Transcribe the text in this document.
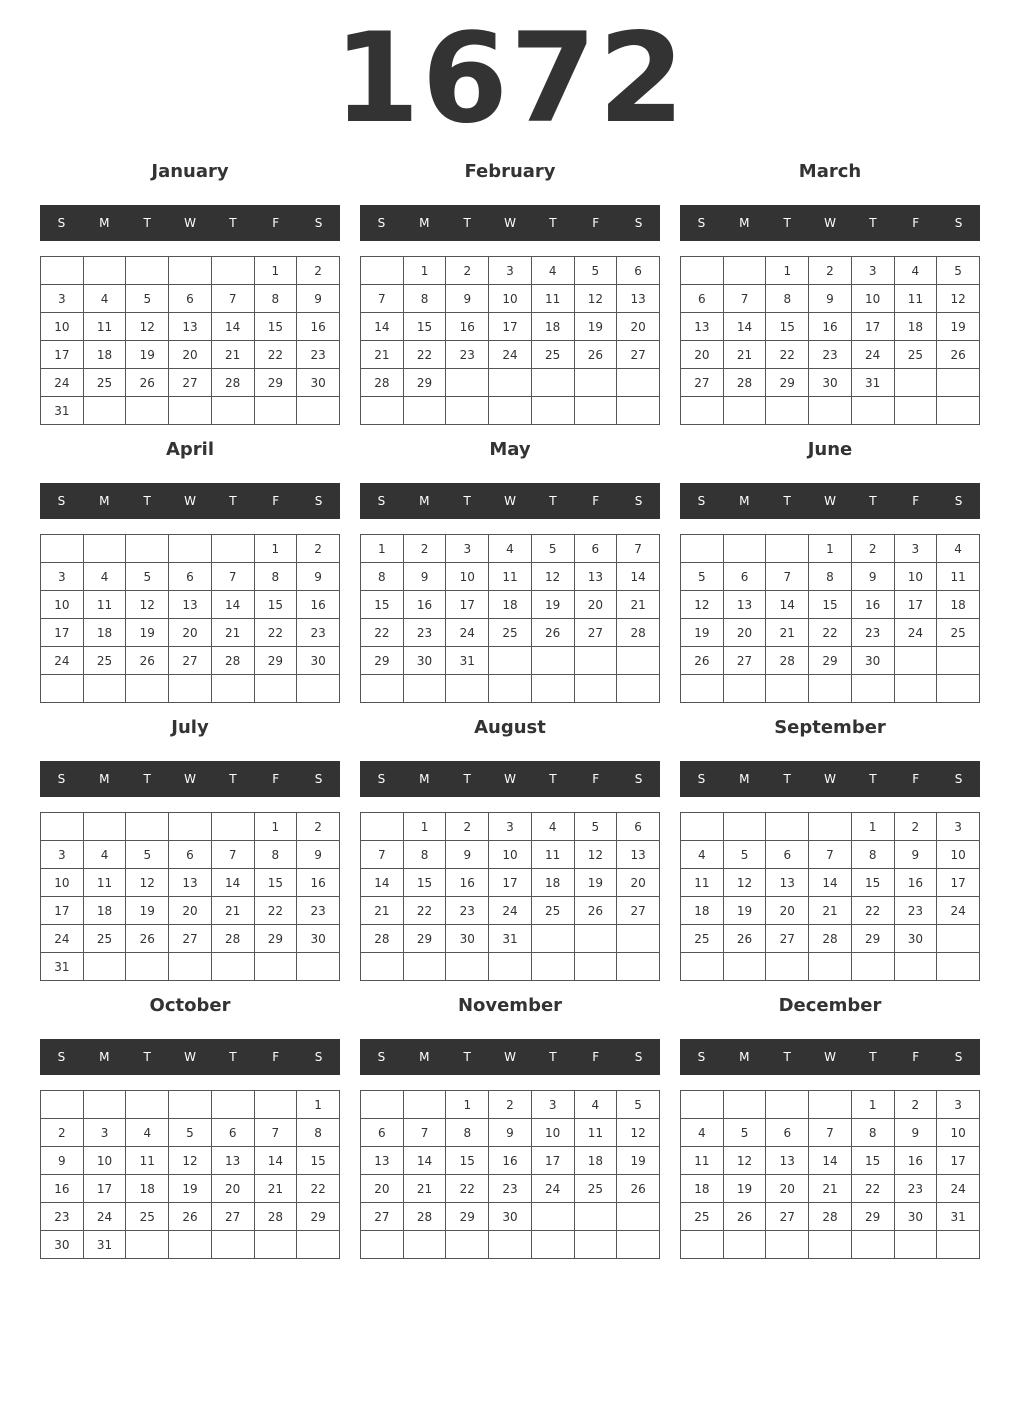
1672
January
S	M	T	W	T	F	S
					1	2
3	4	5	6	7	8	9
10	11	12	13	14	15	16
17	18	19	20	21	22	23
24	25	26	27	28	29	30
31						
February
S	M	T	W	T	F	S
	1	2	3	4	5	6
7	8	9	10	11	12	13
14	15	16	17	18	19	20
21	22	23	24	25	26	27
28	29					

March
S	M	T	W	T	F	S
		1	2	3	4	5
6	7	8	9	10	11	12
13	14	15	16	17	18	19
20	21	22	23	24	25	26
27	28	29	30	31		

April
S	M	T	W	T	F	S
					1	2
3	4	5	6	7	8	9
10	11	12	13	14	15	16
17	18	19	20	21	22	23
24	25	26	27	28	29	30

May
S	M	T	W	T	F	S
1	2	3	4	5	6	7
8	9	10	11	12	13	14
15	16	17	18	19	20	21
22	23	24	25	26	27	28
29	30	31				

June
S	M	T	W	T	F	S
			1	2	3	4
5	6	7	8	9	10	11
12	13	14	15	16	17	18
19	20	21	22	23	24	25
26	27	28	29	30		

July
S	M	T	W	T	F	S
					1	2
3	4	5	6	7	8	9
10	11	12	13	14	15	16
17	18	19	20	21	22	23
24	25	26	27	28	29	30
31						
August
S	M	T	W	T	F	S
	1	2	3	4	5	6
7	8	9	10	11	12	13
14	15	16	17	18	19	20
21	22	23	24	25	26	27
28	29	30	31			

September
S	M	T	W	T	F	S
				1	2	3
4	5	6	7	8	9	10
11	12	13	14	15	16	17
18	19	20	21	22	23	24
25	26	27	28	29	30	

October
S	M	T	W	T	F	S
						1
2	3	4	5	6	7	8
9	10	11	12	13	14	15
16	17	18	19	20	21	22
23	24	25	26	27	28	29
30	31					
November
S	M	T	W	T	F	S
		1	2	3	4	5
6	7	8	9	10	11	12
13	14	15	16	17	18	19
20	21	22	23	24	25	26
27	28	29	30			

December
S	M	T	W	T	F	S
				1	2	3
4	5	6	7	8	9	10
11	12	13	14	15	16	17
18	19	20	21	22	23	24
25	26	27	28	29	30	31
